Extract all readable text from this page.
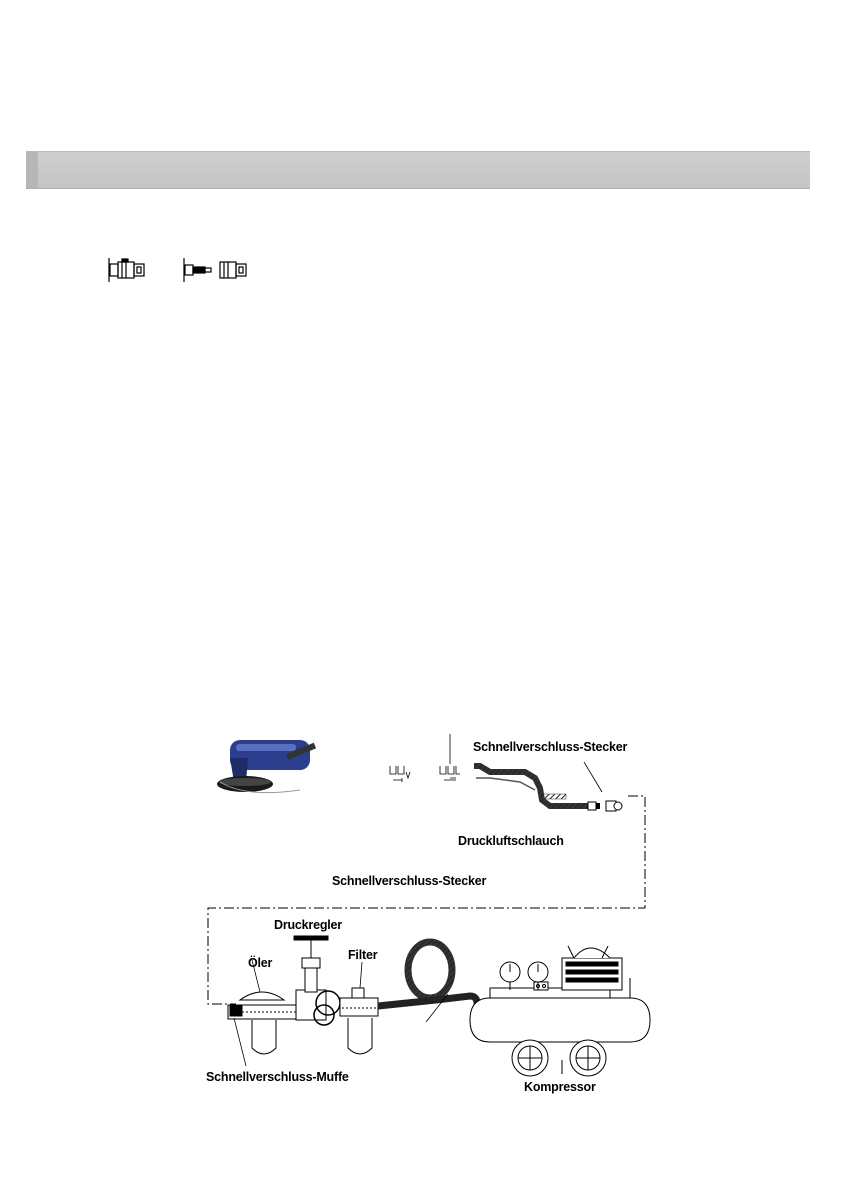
Schnellverschluss-Stecker
Druckluftschlauch
Schnellverschluss-Stecker
Druckregler
Öler
Filter
Schnellverschluss-Muffe
Kompressor
